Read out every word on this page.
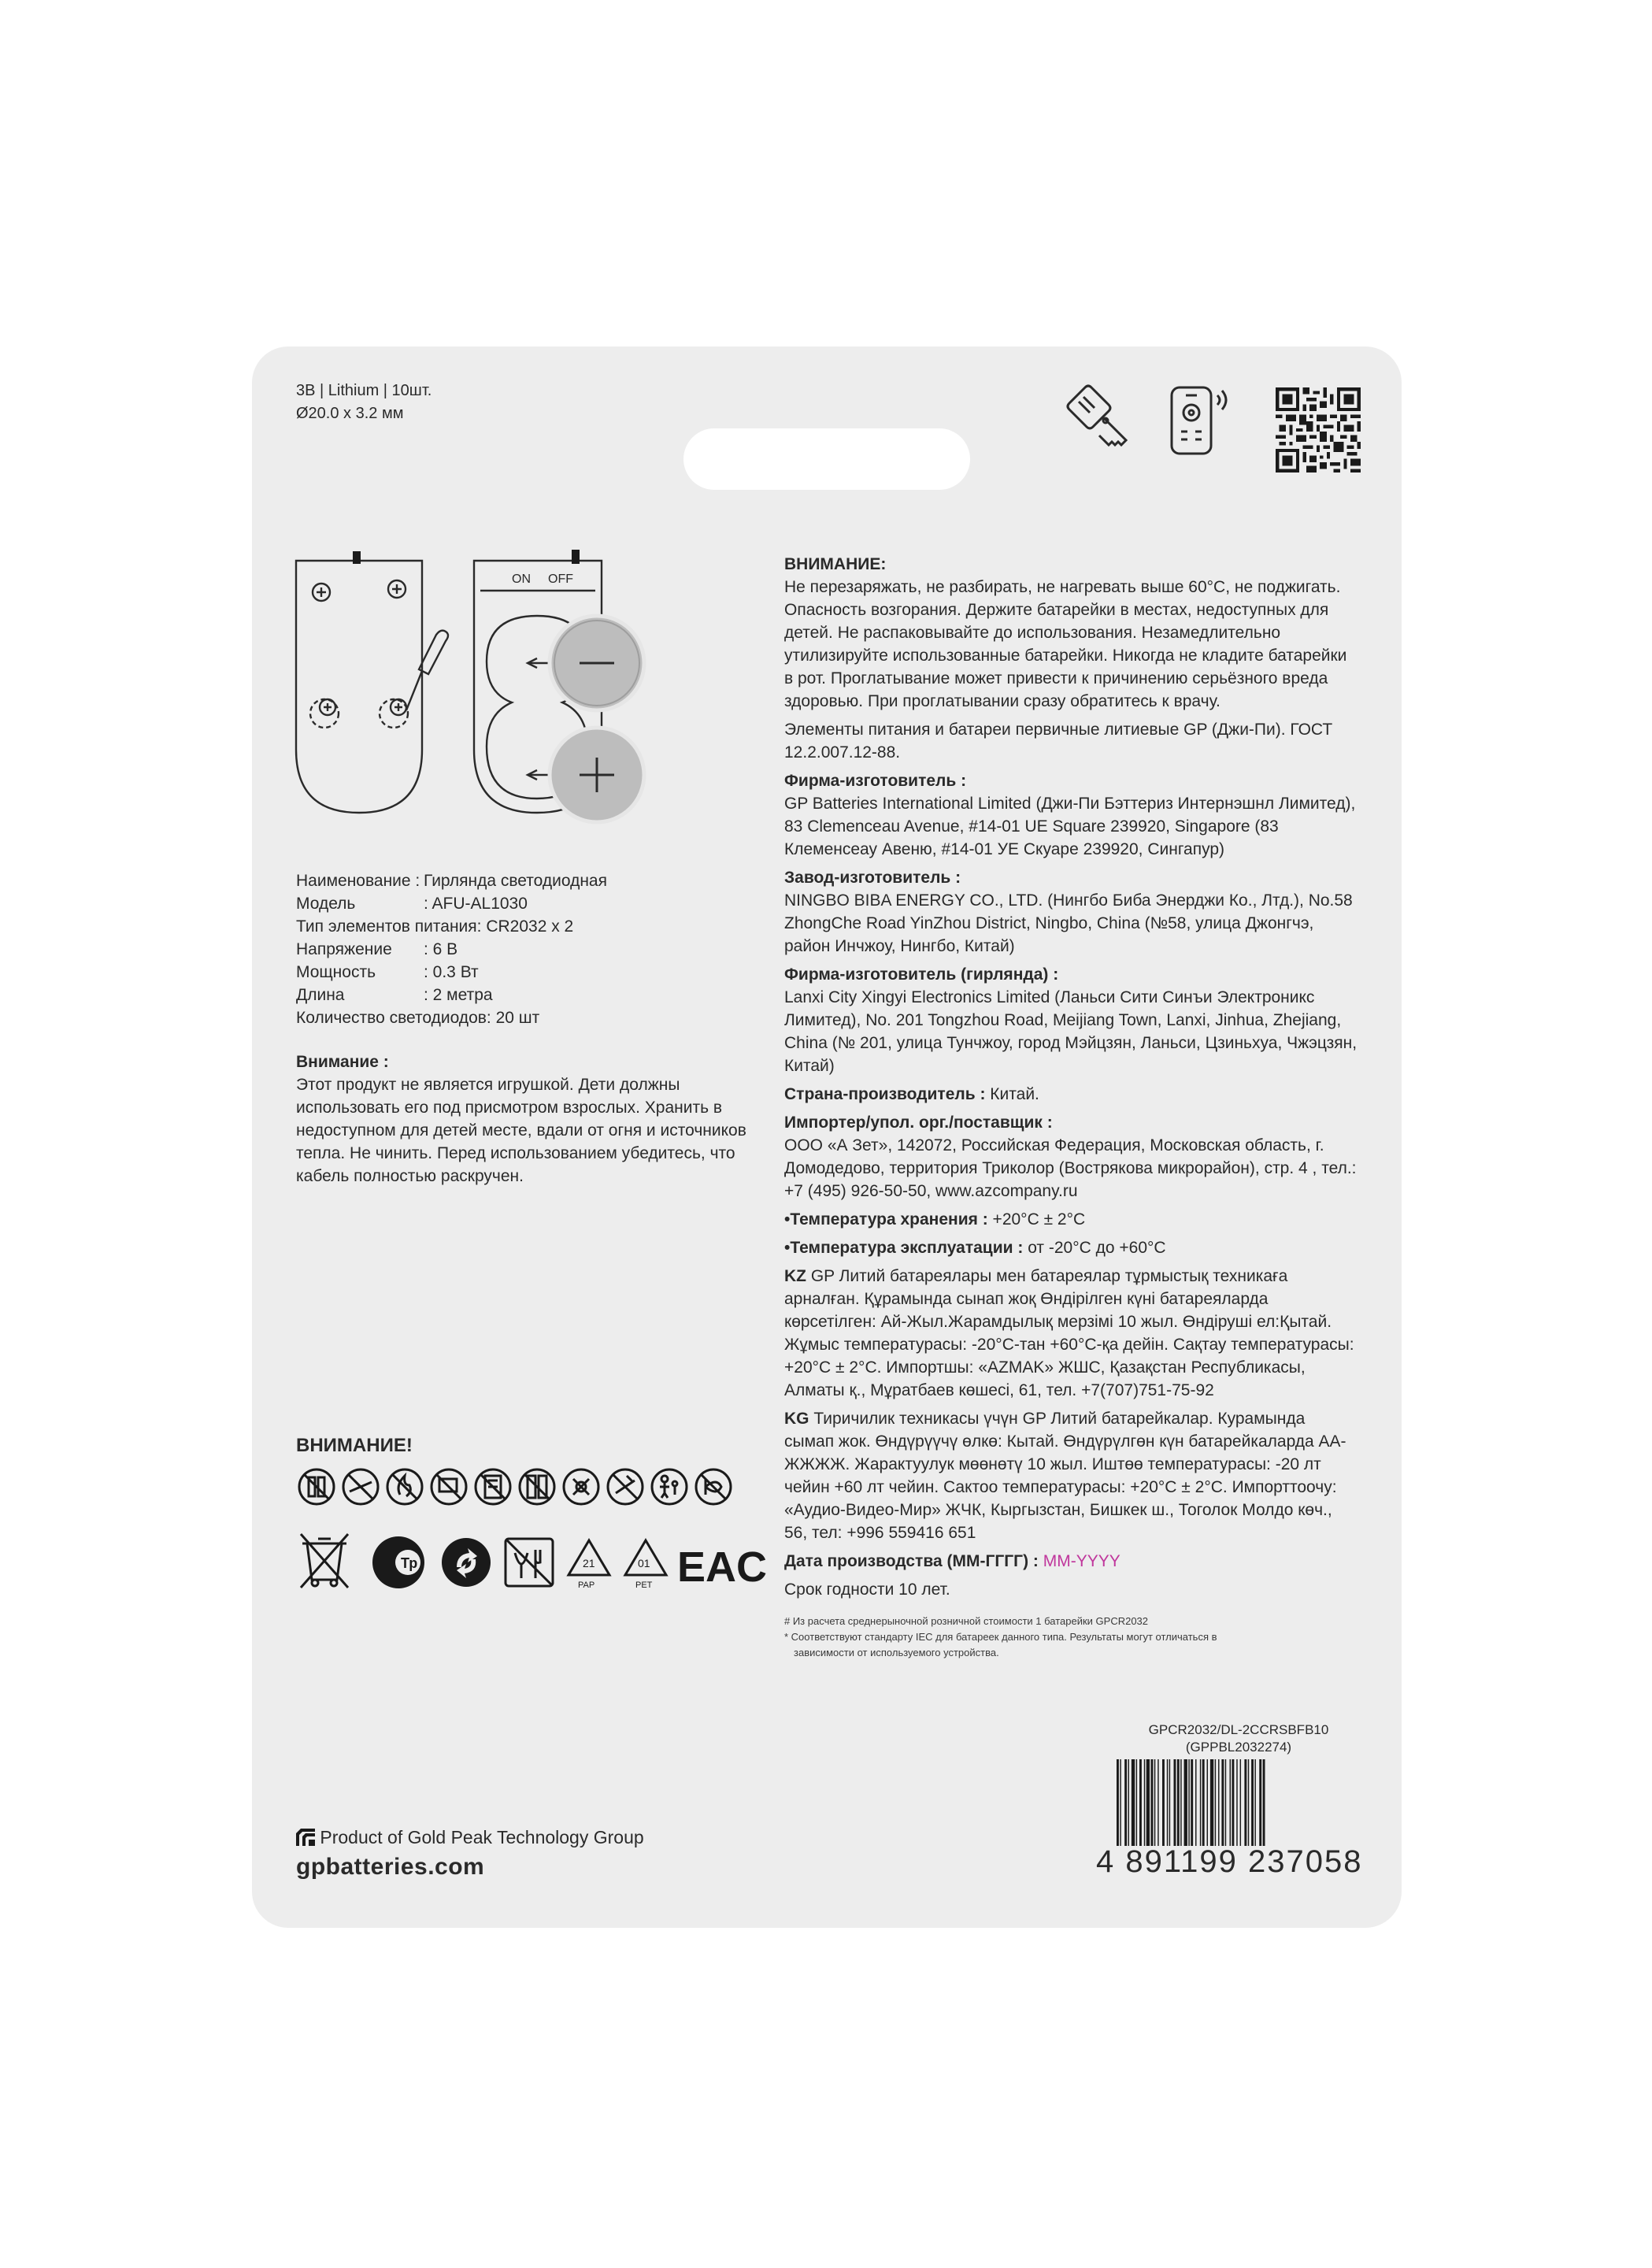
3В | Lithium | 10шт.
Ø20.0 x 3.2 мм
ON OFF
Наименование : Гирлянда светодиодная
Модель	: AFU-AL1030
Тип элементов питания: CR2032 x 2
Напряжение	: 6 В
Мощность	: 0.3 Вт
Длина	: 2 метра
Количество светодиодов: 20 шт
Внимание :
Этот продукт не является игрушкой. Дети должны использовать его под присмотром взрослых. Хранить в недоступном для детей месте, вдали от огня и источников тепла. Не чинить. Перед использованием убедитесь, что кабель полностью раскручен.
ВНИМАНИЕ:

Не перезаряжать, не разбирать, не нагревать выше 60°С, не поджигать. Опасность возгорания. Держите батарейки в местах, недоступных для детей. Не распаковывайте до использования. Незамедлительно утилизируйте использованные батарейки. Никогда не кладите батарейки в рот. Проглатывание может привести к причинению серьёзного вреда здоровью. При проглатывании сразу обратитесь к врачу.

Элементы питания и батареи первичные литиевые GP (Джи-Пи). ГОСТ 12.2.007.12-88.

Фирма-изготовитель :

GP Batteries International Limited (Джи-Пи Бэттериз Интернэшнл Лимитед), 83 Clemenceau Avenue, #14-01 UE Square 239920, Singapore (83 Клеменсеау Авеню, #14-01 УЕ Скуаре 239920, Сингапур)

Завод-изготовитель :

NINGBO BIBA ENERGY CO., LTD. (Нингбо Биба Энерджи Ко., Лтд.), No.58 ZhongChe Road YinZhou District, Ningbo, China (№58, улица Джонгчэ, район Инчжоу, Нингбо, Китай)

Фирма-изготовитель (гирлянда) :

Lanxi City Xingyi Electronics Limited (Ланьси Сити Синъи Электроникс Лимитед), No. 201 Tongzhou Road, Meijiang Town, Lanxi, Jinhua, Zhejiang, China (№ 201, улица Тунчжоу, город Мэйцзян, Ланьси, Цзиньхуа, Чжэцзян, Китай)

Страна-производитель : Китай.

Импортер/упол. орг./поставщик :

ООО «А Зет», 142072, Российская Федерация, Московская область, г. Домодедово, территория Триколор (Вострякова микрорайон), стр. 4 , тел.: +7 (495) 926-50-50, www.azcompany.ru

•Температура хранения : +20°С ± 2°С

•Температура эксплуатации : от -20°С до +60°С

KZ GP Литий батареялары мен батареялар тұрмыстық техникаға арналған. Құрамында сынап жоқ Өндірілген күні батареяларда көрсетілген: Ай-Жыл.Жарамдылық мерзімі 10 жыл. Өндіруші ел:Қытай. Жұмыс температурасы: -20°С-тан +60°С-қа дейін. Сақтау температурасы: +20°С ± 2°С. Импортшы: «AZMAK» ЖШС, Қазақстан Республикасы, Алматы қ., Мұратбаев көшесі, 61, тел. +7(707)751-75-92

KG Тиричилик техникасы үчүн GP Литий батарейкалар. Курамында сымап жок. Өндүрүүчү өлкө: Кытай. Өндүрүлгөн күн батарейкаларда АА-ЖЖЖЖ. Жарактуулук мөөнөтү 10 жыл. Иштөө температурасы: -20 лт чейин +60 лт чейин. Сактоо температурасы: +20°С ± 2°С. Импорттоочу: «Аудио-Видео-Мир» ЖЧК, Кыргызстан, Бишкек ш., Тоголок Молдо көч., 56, тел: +996 559416 651

Дата производства (ММ-ГГГГ) : MM-YYYY

Срок годности 10 лет.

# Из расчета среднерыночной розничной стоимости 1 батарейки GPCR2032
* Соответствуют стандарту IEC для батареек данного типа. Результаты могут отличаться в
зависимости от используемого устройства.
ВНИМАНИЕ!
Тр	21
PAP
01
PET EAC
GPCR2032/DL-2CCRSBFB10
(GPPBL2032274)
4 891199 237058
Product of Gold Peak Technology Group
gpbatteries.com
